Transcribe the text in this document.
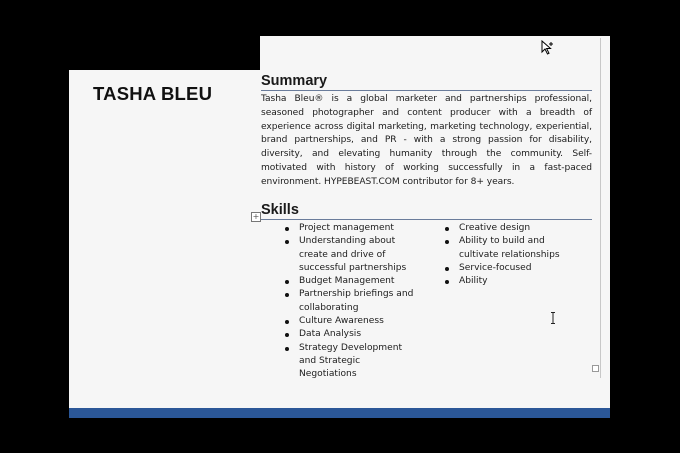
TASHA BLEU
Summary

Tasha Bleu® is a global marketer and partnerships professional, seasoned photographer and content producer with a breadth of experience across digital marketing, marketing technology, experiential, brand partnerships, and PR - with a strong passion for disability, diversity, and elevating humanity through the community. Self-motivated with history of working successfully in a fast-paced environment. HYPEBEAST.COM contributor for 8+ years.

+ Skills
Project management
Understanding about create and drive of successful partnerships
Budget Management
Partnership briefings and collaborating
Culture Awareness
Data Analysis
Strategy Development and Strategic Negotiations
Creative design
Ability to build and cultivate relationships
Service-focused
Ability
